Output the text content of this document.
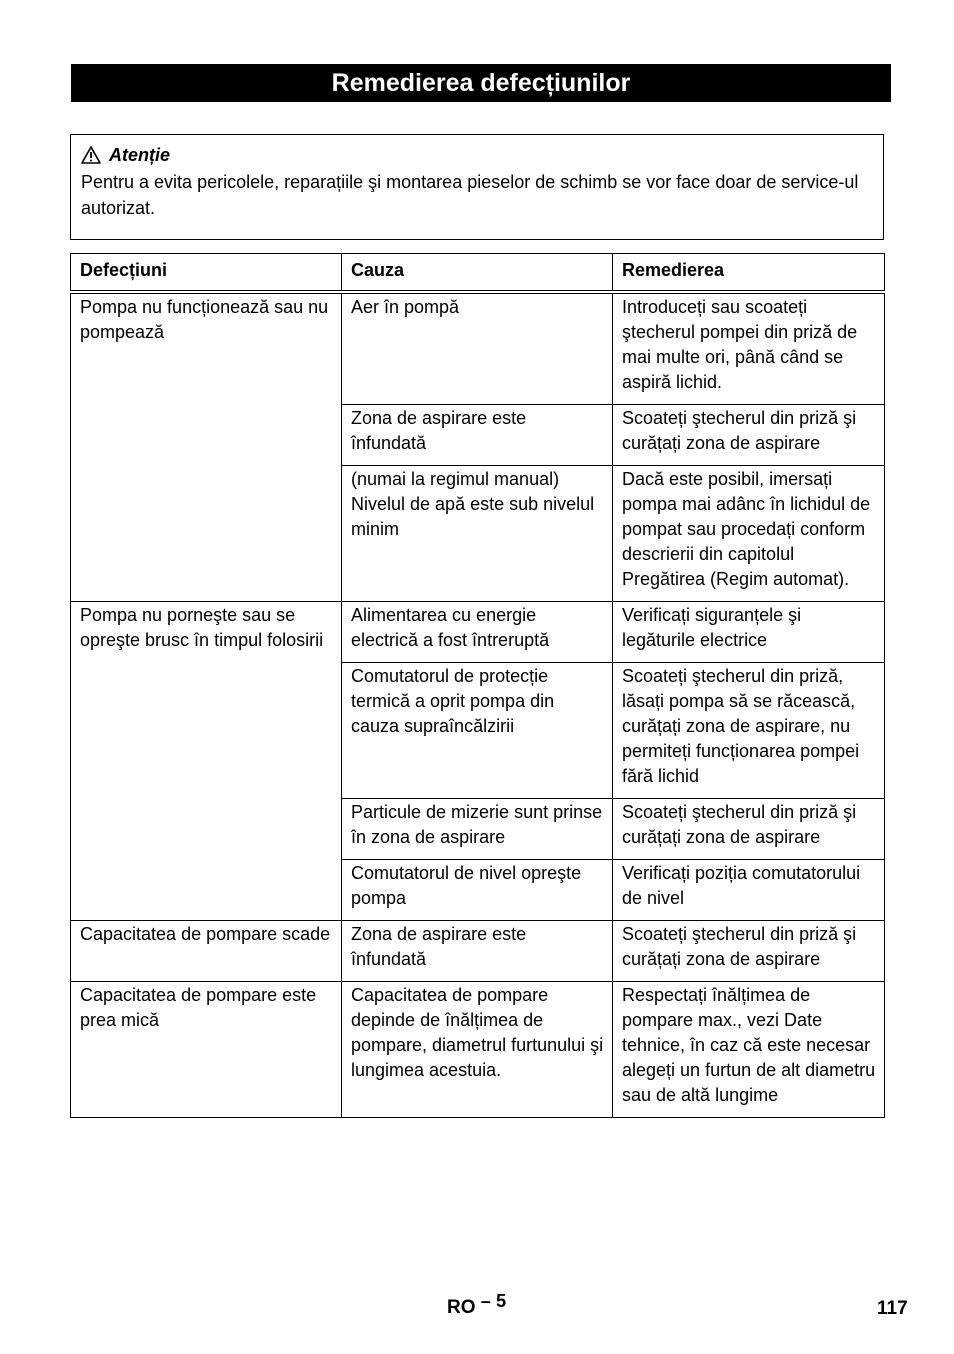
Remedierea defecțiunilor
Atenție
Pentru a evita pericolele, reparațiile şi montarea pieselor de schimb se vor face doar de service-ul autorizat.
Defecțiuni	Cauza	Remedierea
Pompa nu funcționează sau nu pompează	Aer în pompă	Introduceți sau scoateți ştecherul pompei din priză de mai multe ori, până când se aspiră lichid.
	Zona de aspirare este înfundată	Scoateți ştecherul din priză şi curățați zona de aspirare
	(numai la regimul manual) Nivelul de apă este sub nivelul minim	Dacă este posibil, imersați pompa mai adânc în lichidul de pompat sau procedați conform descrierii din capitolul Pregătirea (Regim automat).
Pompa nu porneşte sau se opreşte brusc în timpul folosirii	Alimentarea cu energie electrică a fost întreruptă	Verificați siguranțele şi legăturile electrice
	Comutatorul de protecție termică a oprit pompa din cauza supraîncălzirii	Scoateți ştecherul din priză, lăsați pompa să se răcească, curățați zona de aspirare, nu permiteți funcționarea pompei fără lichid
	Particule de mizerie sunt prinse în zona de aspirare	Scoateți ştecherul din priză şi curățați zona de aspirare
	Comutatorul de nivel opreşte pompa	Verificați poziția comutatorului de nivel
Capacitatea de pompare scade	Zona de aspirare este înfundată	Scoateți ştecherul din priză şi curățați zona de aspirare
Capacitatea de pompare este prea mică	Capacitatea de pompare depinde de înălțimea de pompare, diametrul furtunului şi lungimea acestuia.	Respectați înălțimea de pompare max., vezi Date tehnice, în caz că este necesar alegeți un furtun de alt diametru sau de altă lungime
RO – 5	117
